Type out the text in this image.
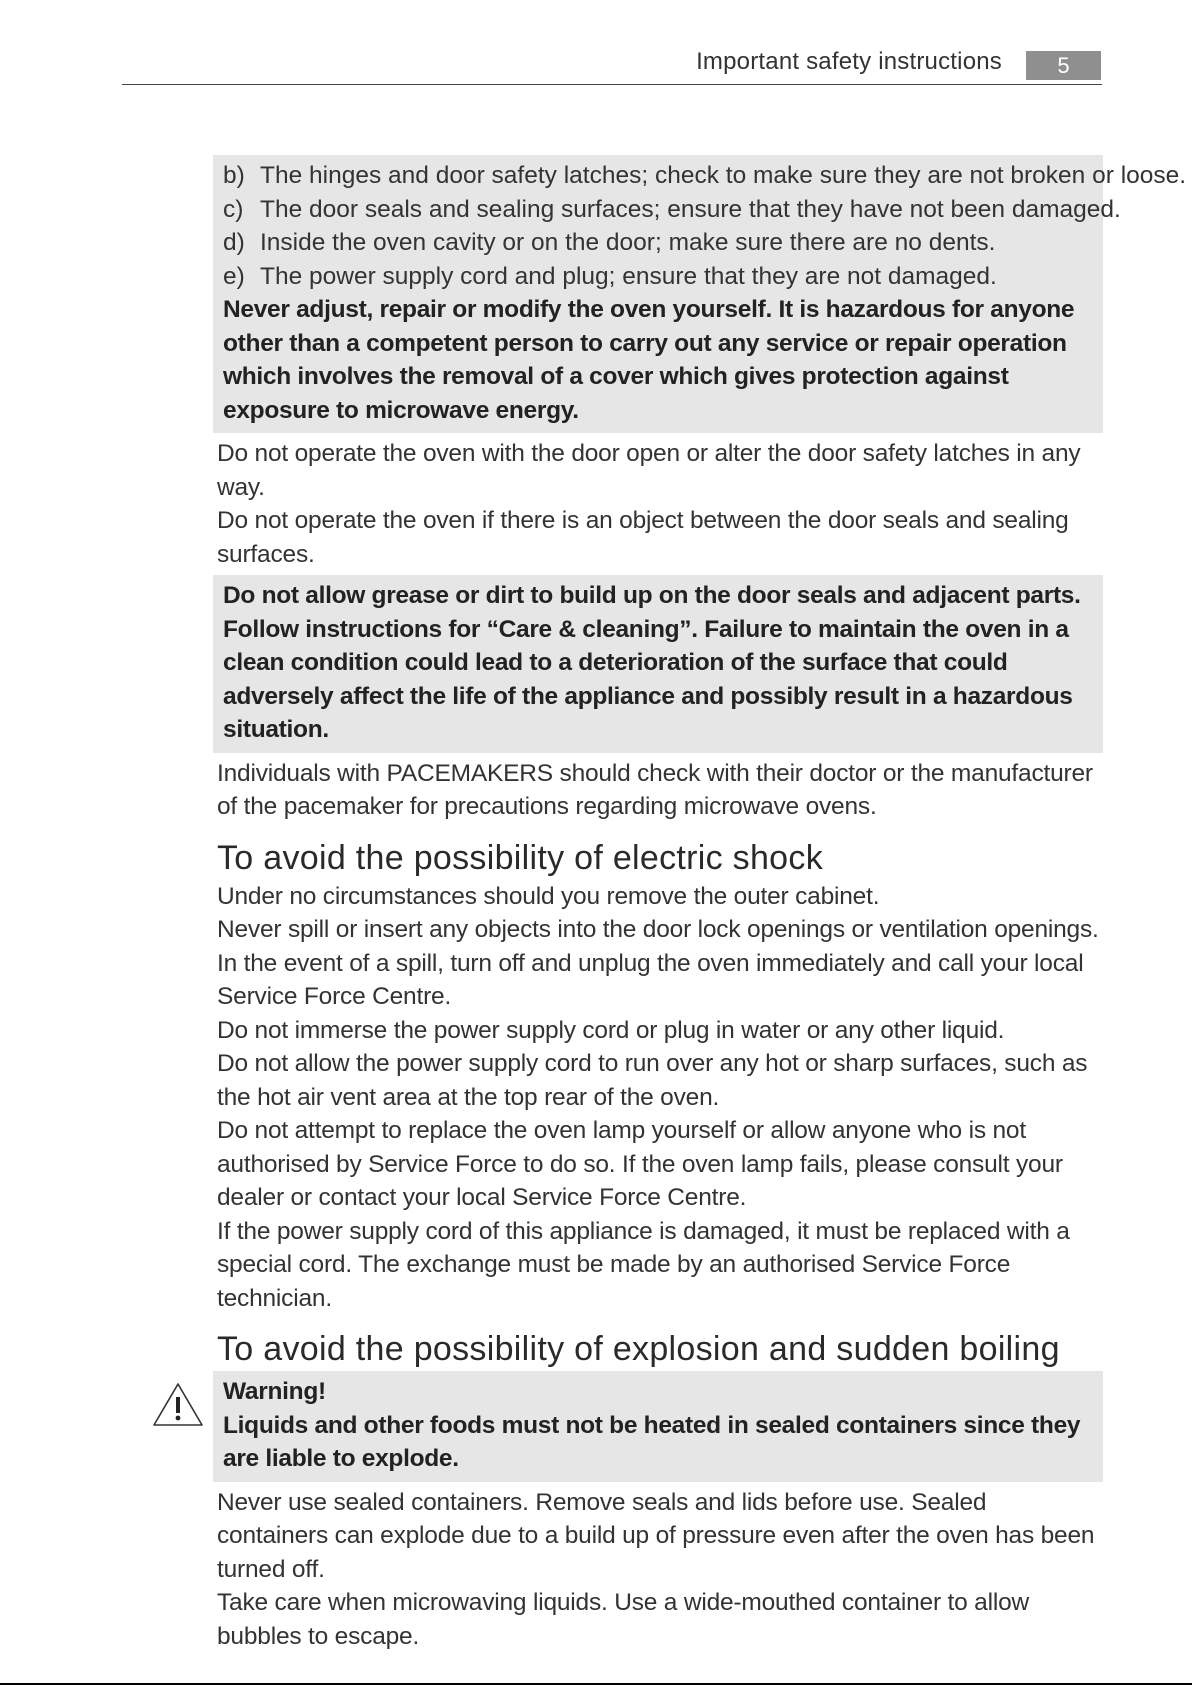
Important safety instructions	5
b) The hinges and door safety latches; check to make sure they are not broken or loose.
c) The door seals and sealing surfaces; ensure that they have not been damaged.
d) Inside the oven cavity or on the door; make sure there are no dents.
e) The power supply cord and plug; ensure that they are not damaged.
Never adjust, repair or modify the oven yourself. It is hazardous for anyone other than a competent person to carry out any service or repair operation which involves the removal of a cover which gives protection against exposure to microwave energy.
Do not operate the oven with the door open or alter the door safety latches in any way.
Do not operate the oven if there is an object between the door seals and sealing surfaces.
Do not allow grease or dirt to build up on the door seals and adjacent parts. Follow instructions for “Care & cleaning”. Failure to maintain the oven in a clean condition could lead to a deterioration of the surface that could adversely affect the life of the appliance and possibly result in a hazardous situation.
Individuals with PACEMAKERS should check with their doctor or the manufacturer of the pacemaker for precautions regarding microwave ovens.
To avoid the possibility of electric shock
Under no circumstances should you remove the outer cabinet.
Never spill or insert any objects into the door lock openings or ventilation openings. In the event of a spill, turn off and unplug the oven immediately and call your local Service Force Centre.
Do not immerse the power supply cord or plug in water or any other liquid.
Do not allow the power supply cord to run over any hot or sharp surfaces, such as the hot air vent area at the top rear of the oven.
Do not attempt to replace the oven lamp yourself or allow anyone who is not authorised by Service Force to do so. If the oven lamp fails, please consult your dealer or contact your local Service Force Centre.
If the power supply cord of this appliance is damaged, it must be replaced with a special cord. The exchange must be made by an authorised Service Force technician.
To avoid the possibility of explosion and sudden boiling
Warning!
Liquids and other foods must not be heated in sealed containers since they are liable to explode.
Never use sealed containers. Remove seals and lids before use. Sealed containers can explode due to a build up of pressure even after the oven has been turned off.
Take care when microwaving liquids. Use a wide-mouthed container to allow bubbles to escape.
